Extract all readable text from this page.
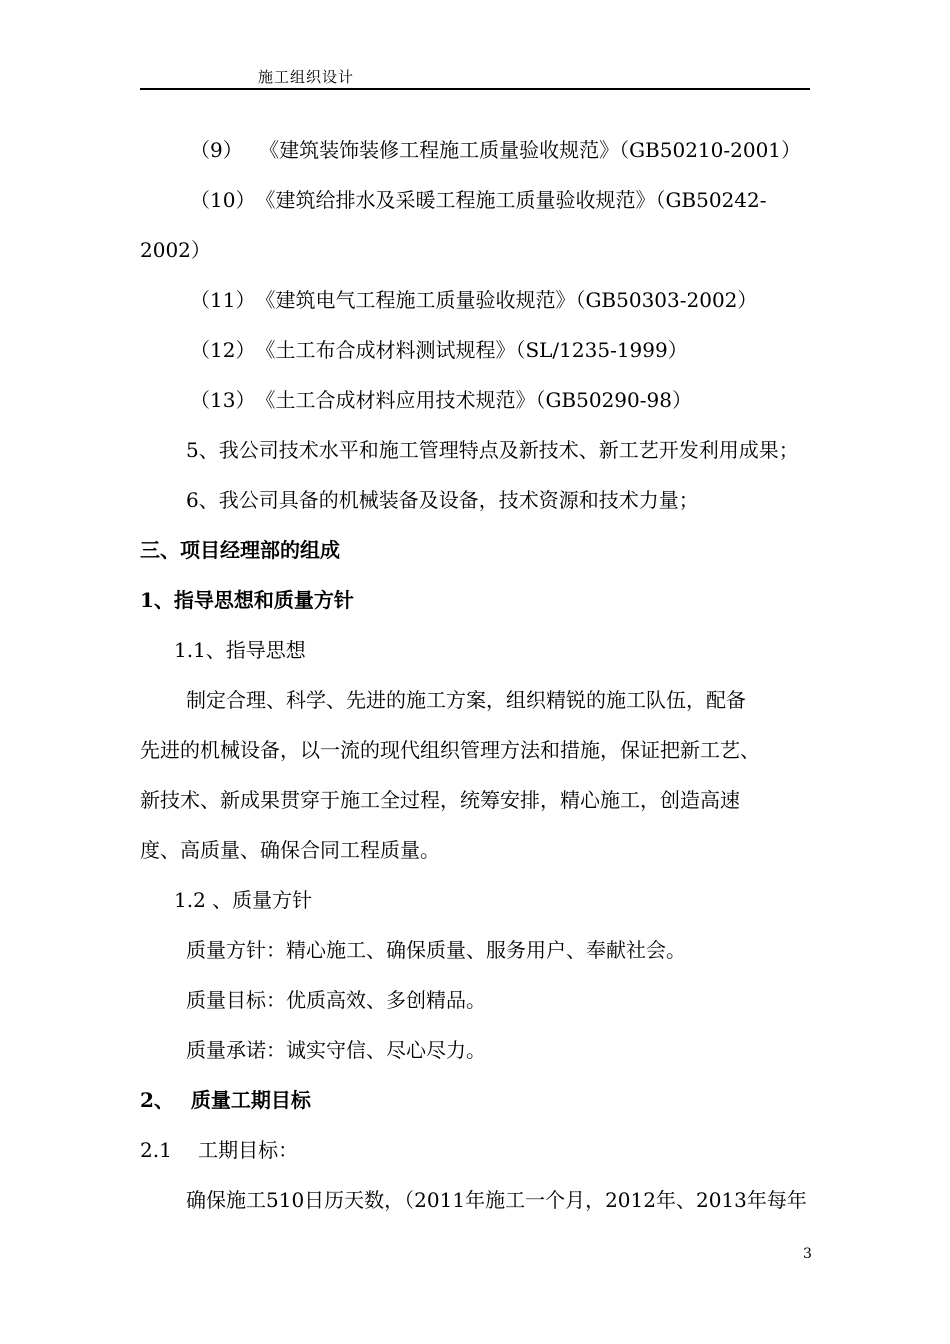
施工组织设计
（9）　 《建筑装饰装修工程施工质量验收规范》（GB50210-2001）
（10）　《建筑给排水及采暖工程施工质量验收规范》（GB50242-
2002）
（11）　《建筑电气工程施工质量验收规范》（GB50303-2002）
（12）　《土工布合成材料测试规程》（SL/1235-1999）
（13）　《土工合成材料应用技术规范》（GB50290-98）
5、我公司技术水平和施工管理特点及新技术、新工艺开发利用成果；
6、我公司具备的机械装备及设备，技术资源和技术力量；
三、项目经理部的组成
1、指导思想和质量方针
1.1、指导思想
制定合理、科学、先进的施工方案，组织精锐的施工队伍，配备
先进的机械设备，以一流的现代组织管理方法和措施，保证把新工艺、
新技术、新成果贯穿于施工全过程，统筹安排，精心施工，创造高速
度、高质量、确保合同工程质量。
1.2 、质量方针
质量方针：精心施工、确保质量、服务用户、奉献社会。
质量目标：优质高效、多创精品。
质量承诺：诚实守信、尽心尽力。
2、　 质量工期目标
2.1　 工期目标：
确保施工510日历天数，（2011年施工一个月，2012年、2013年每年
3
